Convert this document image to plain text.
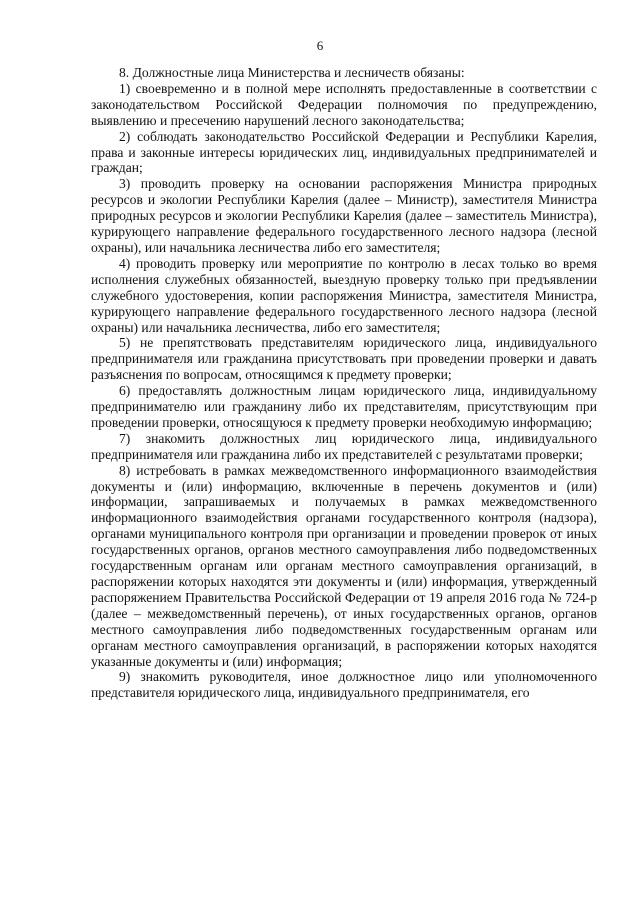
6

8. Должностные лица Министерства и лесничеств обязаны:

1) своевременно и в полной мере исполнять предоставленные в соответствии с законодательством Российской Федерации полномочия по предупреждению, выявлению и пресечению нарушений лесного законодательства;

2) соблюдать законодательство Российской Федерации и Республики Карелия, права и законные интересы юридических лиц, индивидуальных предпринимателей и граждан;

3) проводить проверку на основании распоряжения Министра природных ресурсов и экологии Республики Карелия (далее – Министр), заместителя Министра природных ресурсов и экологии Республики Карелия (далее – заместитель Министра), курирующего направление федерального государственного лесного надзора (лесной охраны), или начальника лесничества либо его заместителя;

4) проводить проверку или мероприятие по контролю в лесах только во время исполнения служебных обязанностей, выездную проверку только при предъявлении служебного удостоверения, копии распоряжения Министра, заместителя Министра, курирующего направление федерального государственного лесного надзора (лесной охраны) или начальника лесничества, либо его заместителя;

5) не препятствовать представителям юридического лица, индивидуального предпринимателя или гражданина присутствовать при проведении проверки и давать разъяснения по вопросам, относящимся к предмету проверки;

6) предоставлять должностным лицам юридического лица, индивидуальному предпринимателю или гражданину либо их представителям, присутствующим при проведении проверки, относящуюся к предмету проверки необходимую информацию;

7) знакомить должностных лиц юридического лица, индивидуального предпринимателя или гражданина либо их представителей с результатами проверки;

8) истребовать в рамках межведомственного информационного взаимодействия документы и (или) информацию, включенные в перечень документов и (или) информации, запрашиваемых и получаемых в рамках межведомственного информационного взаимодействия органами государственного контроля (надзора), органами муниципального контроля при организации и проведении проверок от иных государственных органов, органов местного самоуправления либо подведомственных государственным органам или органам местного самоуправления организаций, в распоряжении которых находятся эти документы и (или) информация, утвержденный распоряжением Правительства Российской Федерации от 19 апреля 2016 года № 724-р (далее – межведомственный перечень), от иных государственных органов, органов местного самоуправления либо подведомственных государственным органам или органам местного самоуправления организаций, в распоряжении которых находятся указанные документы и (или) информация;

9) знакомить руководителя, иное должностное лицо или уполномоченного представителя юридического лица, индивидуального предпринимателя, его
